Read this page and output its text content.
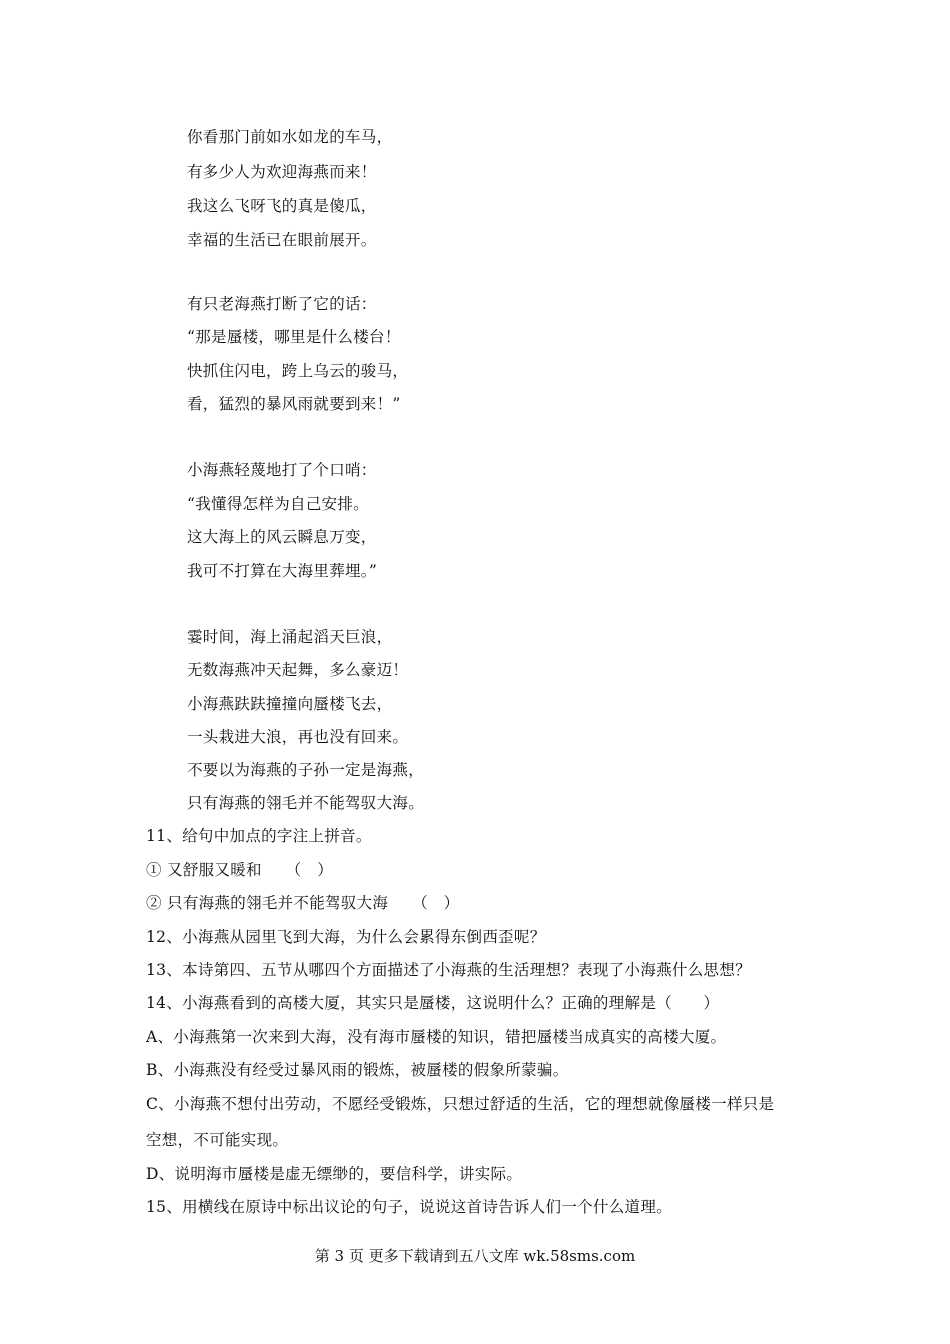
你看那门前如水如龙的车马，
有多少人为欢迎海燕而来！
我这么飞呀飞的真是傻瓜，
幸福的生活已在眼前展开。
有只老海燕打断了它的话：
“那是蜃楼，哪里是什么楼台！
快抓住闪电，跨上乌云的骏马，
看，猛烈的暴风雨就要到来！”
小海燕轻蔑地打了个口哨：
“我懂得怎样为自己安排。
这大海上的风云瞬息万变，
我可不打算在大海里葬埋。”
霎时间，海上涌起滔天巨浪，
无数海燕冲天起舞，多么豪迈！
小海燕趺趺撞撞向蜃楼飞去，
一头栽进大浪，再也没有回来。
不要以为海燕的子孙一定是海燕，
只有海燕的翎毛并不能驾驭大海。
11、给句中加点的字注上拼音。
① 又舒服又暖和　　（　）
② 只有海燕的翎毛并不能驾驭大海　　（　）
12、小海燕从园里飞到大海，为什么会累得东倒西歪呢？
13、本诗第四、五节从哪四个方面描述了小海燕的生活理想？表现了小海燕什么思想？
14、小海燕看到的高楼大厦，其实只是蜃楼，这说明什么？正确的理解是（　　）
A、小海燕第一次来到大海，没有海市蜃楼的知识，错把蜃楼当成真实的高楼大厦。
B、小海燕没有经受过暴风雨的锻炼，被蜃楼的假象所蒙骗。
C、小海燕不想付出劳动，不愿经受锻炼，只想过舒适的生活，它的理想就像蜃楼一样只是
空想，不可能实现。
D、说明海市蜃楼是虚无缥缈的，要信科学，讲实际。
15、用横线在原诗中标出议论的句子，说说这首诗告诉人们一个什么道理。
第 3 页 更多下载请到五八文库 wk.58sms.com
